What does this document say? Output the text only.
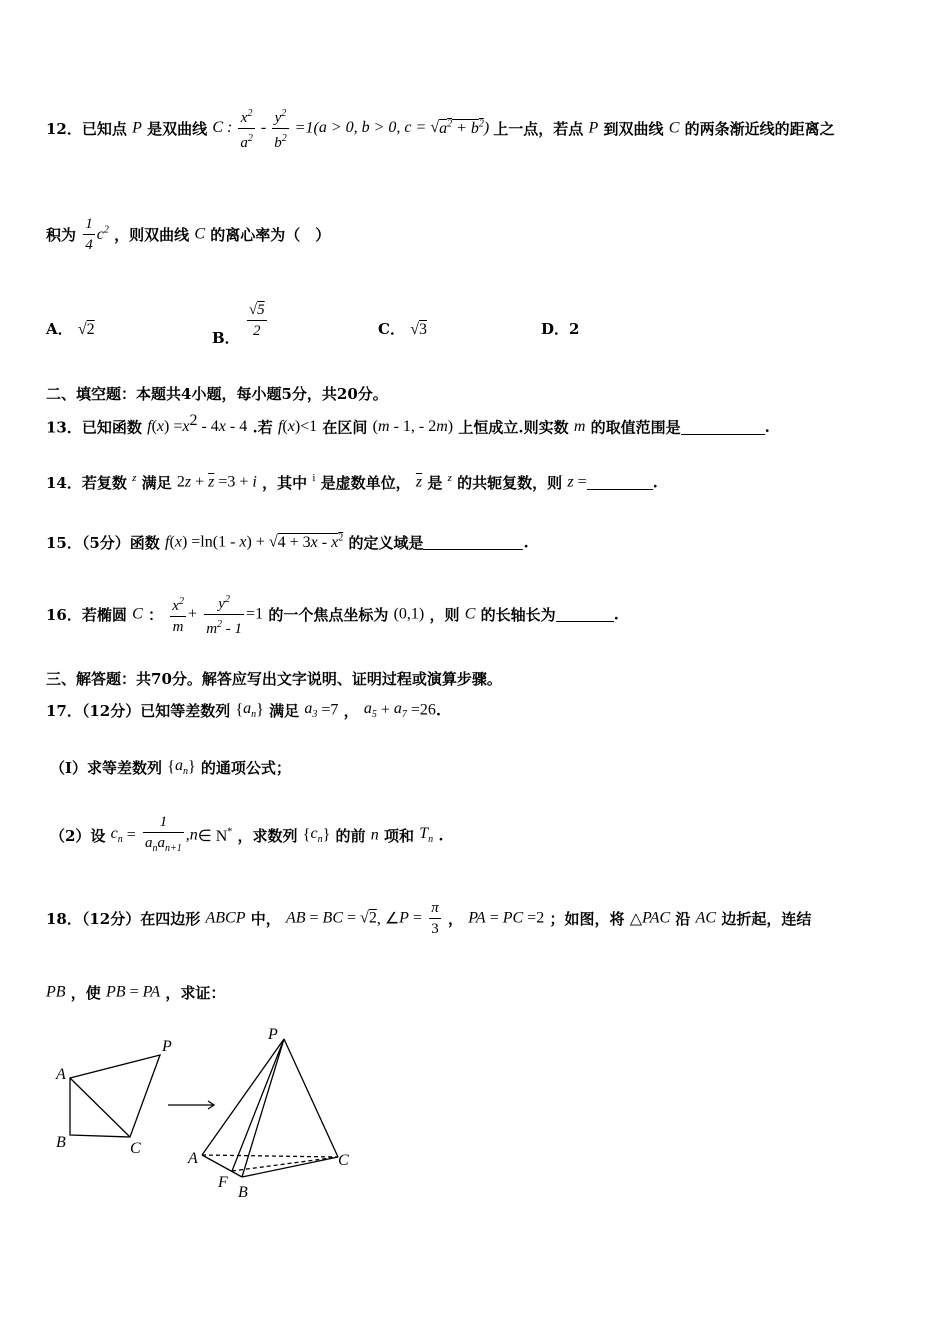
12．已知点 P 是双曲线 C : $\frac{x^2}{a^2} - \frac{y^2}{b^2} =1(a > 0$, b > 0, $c = √a^2 + b^2$) 上一点，若点 P 到双曲线 C 的两条渐近线的距离之
积为 $\frac{1}{4} c^2$ ，则双曲线 C 的离心率为（　）
A． √2	B． $\frac{√5}{2}$	C． √3	D．2
二、填空题：本题共4小题，每小题5分，共20分。
13．已知函数 $f(x) =x^2 - 4x - 4$ .若 f(x)<1 在区间 (m - 1, - 2m) 上恒成立.则实数 m 的取值范围是	.
14．若复数 $^z$ 满足 $2z + \overline{z} =3 + i$ ，其中 $^i$ 是虚数单位， $\overline{z}$ 是 $^z$ 的共轭复数，则 z =	.
15．（5分）函数 $f(x) =\ln(1 - x) + √4 + 3x - x^2$ 的定义域是	.
16．若椭圆 C ： $\frac{x^2}{m} + \frac{y^2}{m^2 - 1} =1$ 的一个焦点坐标为 (0,1) ，则 C 的长轴长为	.
三、解答题：共70分。解答应写出文字说明、证明过程或演算步骤。
17．（12分）已知等差数列 $\{a_n\}$ 满足 $a_3 =7$ ， $a_5 + a_7 =26$.
（I）求等差数列 $\{a_n\}$ 的通项公式；
（2）设 $c_n = \frac{1}{a_na_{n+1}}$ ,n∈ N* ，求数列 $\{c_n\}$ 的前 n 项和 $T_n$ .
18．（12分）在四边形 ABCP 中， AB = BC = √2, ∠P = $\frac{\pi}{3}$ ， PA = PC =2 ；如图，将 △PAC 沿 AC 边折起，连结
PB ，使 PB = PA ，求证：
A
B	C
P
P
A
F
B
C
